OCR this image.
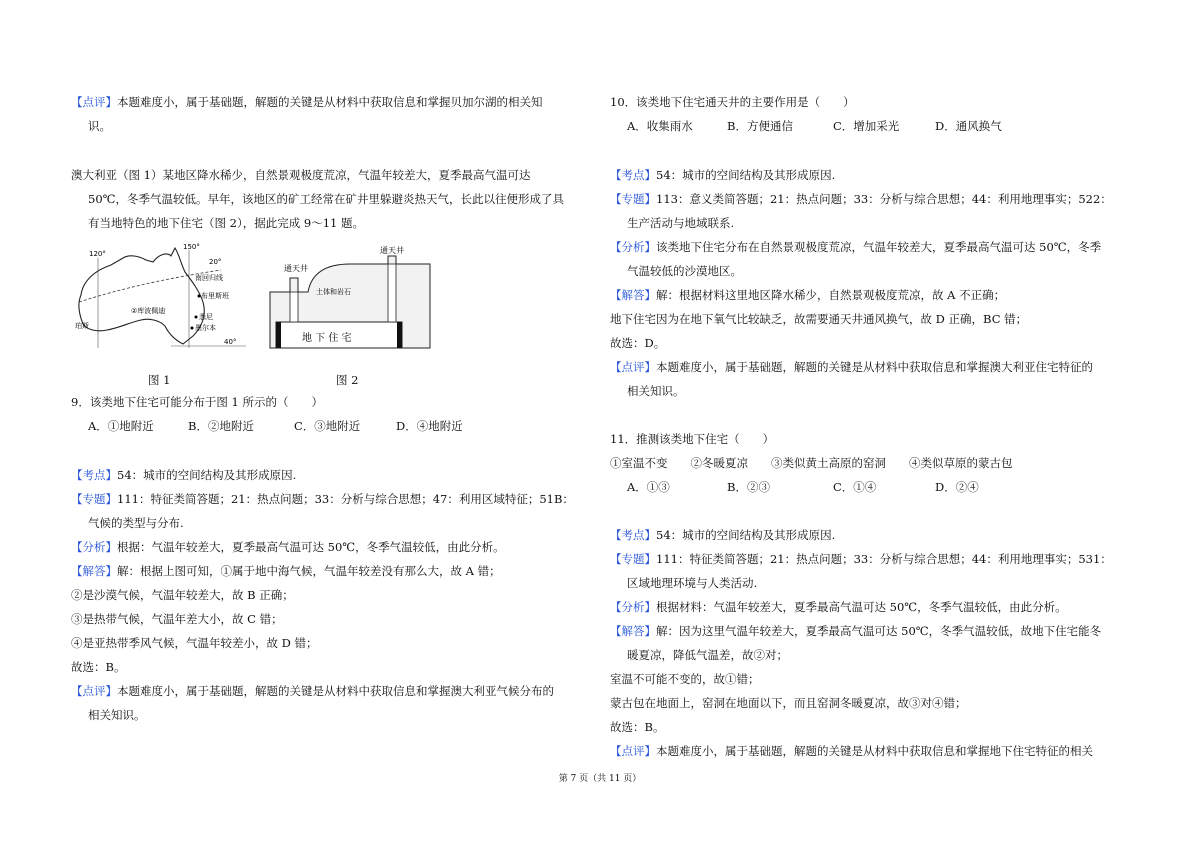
【点评】本题难度小，属于基础题，解题的关键是从材料中获取信息和掌握贝加尔湖的相关知
识。
澳大利亚（图 1）某地区降水稀少，自然景观极度荒凉，气温年较差大，夏季最高气温可达
50℃，冬季气温较低。早年，该地区的矿工经常在矿井里躲避炎热天气，长此以往便形成了具
有当地特色的地下住宅（图 2），据此完成 9～11 题。
120°
150°
20°
南回归线
②库波佩迪
布里斯班
悉尼
墨尔本
珀斯
40°
图 1
通天井
通天井
土体和岩石
地 下 住 宅
图 2
9．该类地下住宅可能分布于图 1 所示的（　　）
A．①地附近	B．②地附近	C．③地附近	D．④地附近
【考点】54：城市的空间结构及其形成原因.
【专题】111：特征类简答题；21：热点问题；33：分析与综合思想；47：利用区域特征；51B：
气候的类型与分布.
【分析】根据：气温年较差大，夏季最高气温可达 50℃，冬季气温较低，由此分析。
【解答】解：根据上图可知，①属于地中海气候，气温年较差没有那么大，故 A 错；
②是沙漠气候，气温年较差大，故 B 正确；
③是热带气候，气温年差大小，故 C 错；
④是亚热带季风气候，气温年较差小，故 D 错；
故选：B。
【点评】本题难度小，属于基础题，解题的关键是从材料中获取信息和掌握澳大利亚气候分布的
相关知识。
10．该类地下住宅通天井的主要作用是（　　）
A．收集雨水	B．方便通信	C．增加采光	D．通风换气
【考点】54：城市的空间结构及其形成原因.
【专题】113：意义类简答题；21：热点问题；33：分析与综合思想；44：利用地理事实；522：
生产活动与地域联系.
【分析】该类地下住宅分布在自然景观极度荒凉，气温年较差大，夏季最高气温可达 50℃，冬季
气温较低的沙漠地区。
【解答】解：根据材料这里地区降水稀少，自然景观极度荒凉，故 A 不正确；
地下住宅因为在地下氧气比较缺乏，故需要通天井通风换气，故 D 正确，BC 错；
故选：D。
【点评】本题难度小，属于基础题，解题的关键是从材料中获取信息和掌握澳大利亚住宅特征的
相关知识。
11．推测该类地下住宅（　　）
①室温不变　　②冬暖夏凉　　③类似黄土高原的窑洞　　④类似草原的蒙古包
A．①③	B．②③	C．①④	D．②④
【考点】54：城市的空间结构及其形成原因.
【专题】111：特征类简答题；21：热点问题；33：分析与综合思想；44：利用地理事实；531：
区域地理环境与人类活动.
【分析】根据材料：气温年较差大，夏季最高气温可达 50℃，冬季气温较低，由此分析。
【解答】解：因为这里气温年较差大，夏季最高气温可达 50℃，冬季气温较低，故地下住宅能冬
暖夏凉，降低气温差，故②对；
室温不可能不变的，故①错；
蒙古包在地面上，窑洞在地面以下，而且窑洞冬暖夏凉，故③对④错；
故选：B。
【点评】本题难度小，属于基础题，解题的关键是从材料中获取信息和掌握地下住宅特征的相关
第 7 页（共 11 页）
